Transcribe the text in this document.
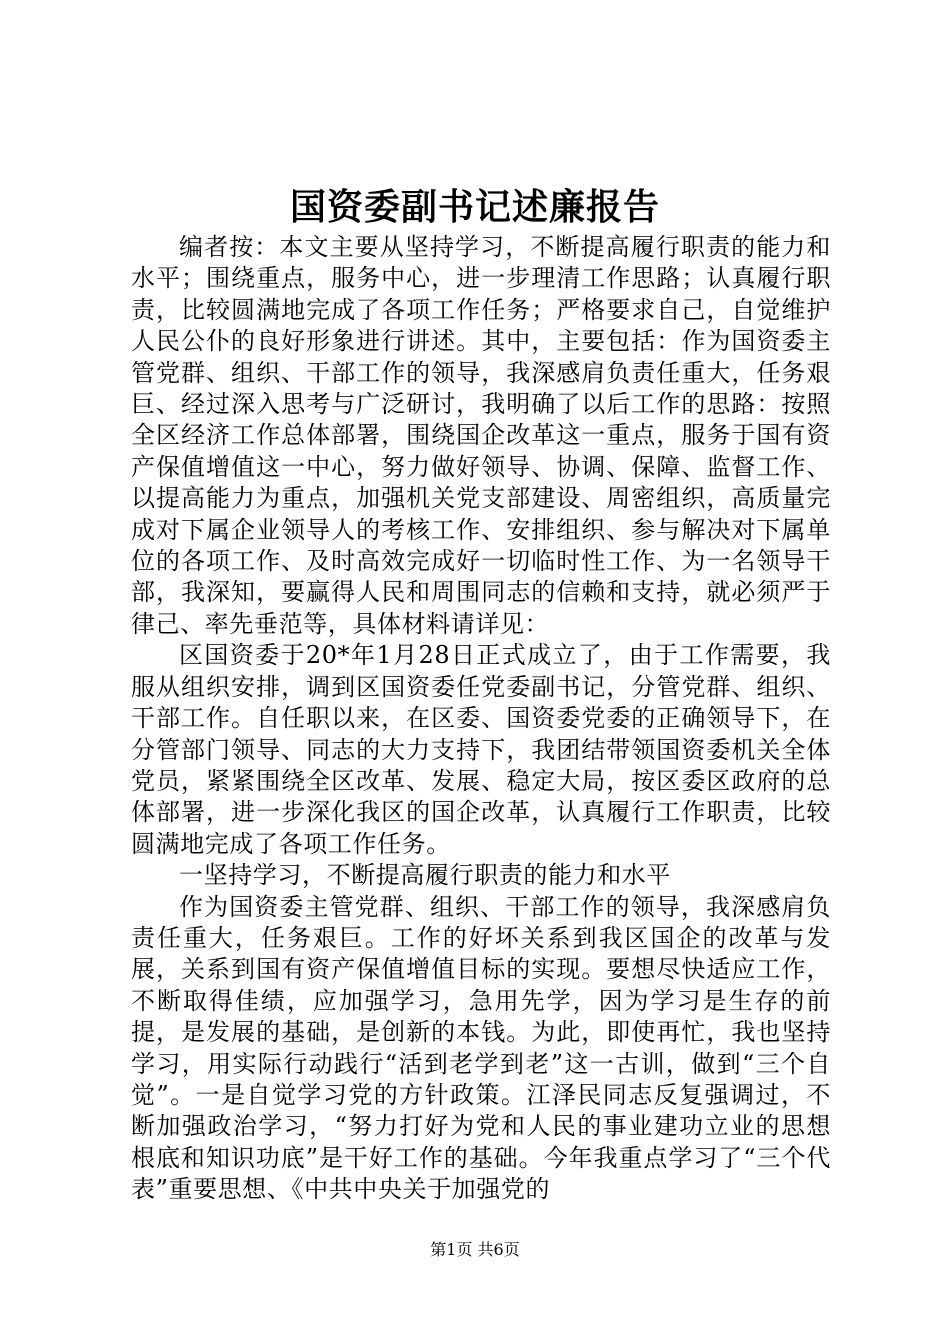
国资委副书记述廉报告

编者按：本文主要从坚持学习，不断提高履行职责的能力和水平；围绕重点，服务中心，进一步理清工作思路；认真履行职责，比较圆满地完成了各项工作任务；严格要求自己，自觉维护人民公仆的良好形象进行讲述。其中，主要包括：作为国资委主管党群、组织、干部工作的领导，我深感肩负责任重大，任务艰巨、经过深入思考与广泛研讨，我明确了以后工作的思路：按照全区经济工作总体部署，围绕国企改革这一重点，服务于国有资产保值增值这一中心，努力做好领导、协调、保障、监督工作、以提高能力为重点，加强机关党支部建设、周密组织，高质量完成对下属企业领导人的考核工作、安排组织、参与解决对下属单位的各项工作、及时高效完成好一切临时性工作、为一名领导干部，我深知，要赢得人民和周围同志的信赖和支持，就必须严于律己、率先垂范等，具体材料请详见：

区国资委于20*年1月28日正式成立了，由于工作需要，我服从组织安排，调到区国资委任党委副书记，分管党群、组织、干部工作。自任职以来，在区委、国资委党委的正确领导下，在分管部门领导、同志的大力支持下，我团结带领国资委机关全体党员，紧紧围绕全区改革、发展、稳定大局，按区委区政府的总体部署，进一步深化我区的国企改革，认真履行工作职责，比较圆满地完成了各项工作任务。

一坚持学习，不断提高履行职责的能力和水平

作为国资委主管党群、组织、干部工作的领导，我深感肩负责任重大，任务艰巨。工作的好坏关系到我区国企的改革与发展，关系到国有资产保值增值目标的实现。要想尽快适应工作，不断取得佳绩，应加强学习，急用先学，因为学习是生存的前提，是发展的基础，是创新的本钱。为此，即使再忙，我也坚持学习，用实际行动践行“活到老学到老”这一古训，做到“三个自觉”。一是自觉学习党的方针政策。江泽民同志反复强调过，不断加强政治学习，“努力打好为党和人民的事业建功立业的思想根底和知识功底”是干好工作的基础。今年我重点学习了“三个代表”重要思想、《中共中央关于加强党的

第1页 共6页
